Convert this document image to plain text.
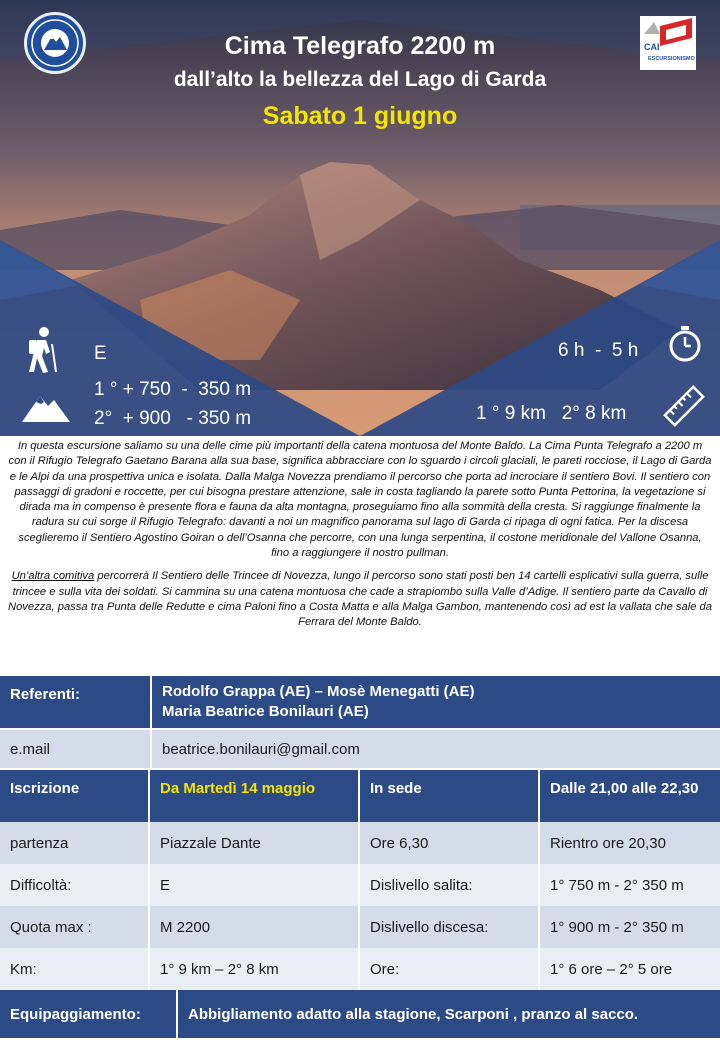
CAI
ESCURSIONISMO
Cima Telegrafo 2200 m
dall’alto la bellezza del Lago di Garda
Sabato 1 giugno
E
1 ° + 750  -  350 m
2°  + 900   - 350 m
6 h  -  5 h
1 ° 9 km   2° 8 km

In questa escursione saliamo su una delle cime più importanti della catena montuosa del Monte Baldo. La Cima Punta Telegrafo a 2200 m con il Rifugio Telegrafo Gaetano Barana alla sua base, significa abbracciare con lo sguardo i circoli glaciali, le pareti rocciose, il Lago di Garda e le Alpi da una prospettiva unica e isolata. Dalla Malga Novezza prendiamo il percorso che porta ad incrociare il sentiero Bovi. Il sentiero con passaggi di gradoni e roccette, per cui bisogna prestare attenzione, sale in costa tagliando la parete sotto Punta Pettorina, la vegetazione si dirada ma in compenso è presente flora e fauna da alta montagna, proseguiamo fino alla sommità della cresta. Si raggiunge finalmente la radura su cui sorge il Rifugio Telegrafo: davanti a noi un magnifico panorama sul lago di Garda ci ripaga di ogni fatica. Per la discesa sceglieremo il Sentiero Agostino Goiran o dell’Osanna che percorre, con una lunga serpentina, il costone meridionale del Vallone Osanna, fino a raggiungere il nostro pullman.

Un’altra comitiva percorrerà Il Sentiero delle Trincee di Novezza, lungo il percorso sono stati posti ben 14 cartelli esplicativi sulla guerra, sulle trincee e sulla vita dei soldati. Si cammina su una catena montuosa che cade a strapiombo sulla Valle d’Adige. Il sentiero parte da Cavallo di Novezza, passa tra Punta delle Redutte e cima Paloni fino a Costa Matta e alla Malga Gambon, mantenendo così ad est la vallata che sale da Ferrara del Monte Baldo.

Referenti:	Rodolfo Grappa (AE) – Mosè Menegatti (AE)
Maria Beatrice Bonilauri (AE)
e.mail	beatrice.bonilauri@gmail.com
Iscrizione	Da Martedì 14 maggio	In sede	Dalle 21,00 alle 22,30
partenza	Piazzale Dante	Ore 6,30	Rientro ore 20,30
Difficoltà:	E	Dislivello salita:	1° 750 m - 2° 350 m
Quota max :	M 2200	Dislivello discesa:	1° 900 m - 2° 350 m
Km:	1° 9 km – 2° 8 km	Ore:	1° 6 ore – 2° 5 ore
Equipaggiamento:	Abbigliamento adatto alla stagione, Scarponi , pranzo al sacco.
